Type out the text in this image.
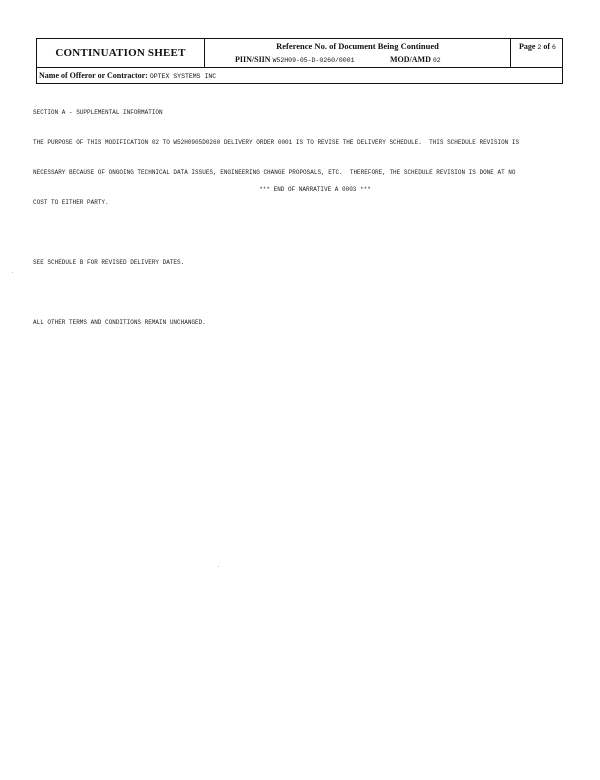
CONTINUATION SHEET
Reference No. of Document Being Continued
PIIN/SIIN W52H09-05-D-0260/0001	MOD/AMD 02
Page 2 of 6
Name of Offeror or Contractor: OPTEX SYSTEMS INC

SECTION A - SUPPLEMENTAL INFORMATION

THE PURPOSE OF THIS MODIFICATION 02 TO W52H0905D0260 DELIVERY ORDER 0001 IS TO REVISE THE DELIVERY SCHEDULE.  THIS SCHEDULE REVISION IS

NECESSARY BECAUSE OF ONGOING TECHNICAL DATA ISSUES, ENGINEERING CHANGE PROPOSALS, ETC.  THEREFORE, THE SCHEDULE REVISION IS DONE AT NO

COST TO EITHER PARTY.

SEE SCHEDULE B FOR REVISED DELIVERY DATES.

ALL OTHER TERMS AND CONDITIONS REMAIN UNCHANGED.

*** END OF NARRATIVE A 0003 ***
